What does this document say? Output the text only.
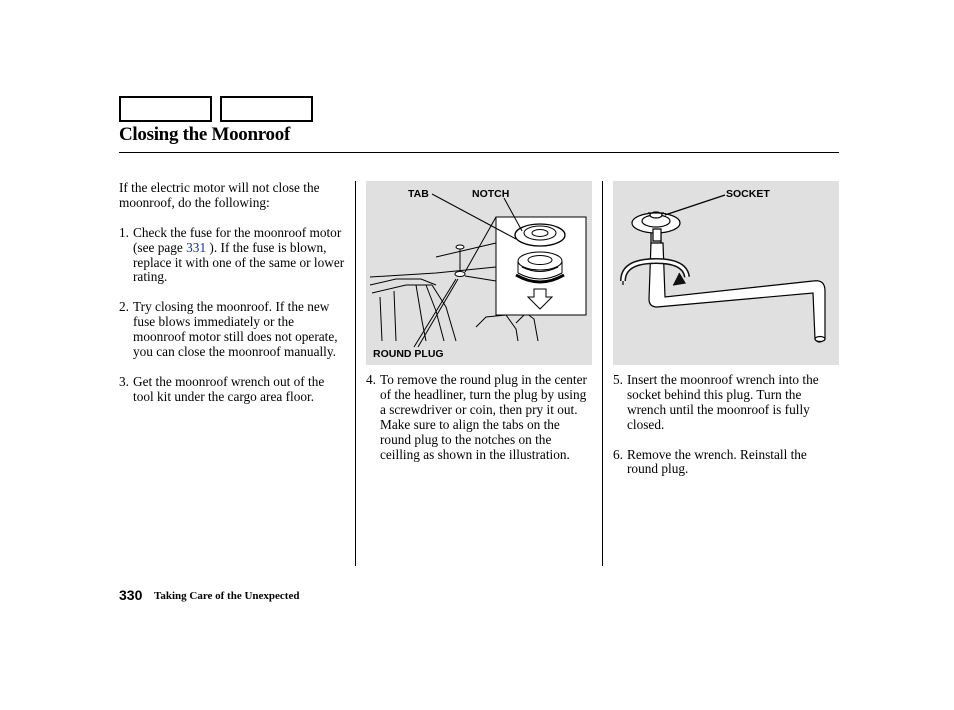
Closing the Moonroof

If the electric motor will not close the moonroof, do the following:

1. Check the fuse for the moonroof motor (see page 331 ). If the fuse is blown, replace it with one of the same or lower rating.
2. Try closing the moonroof. If the new fuse blows immediately or the moonroof motor still does not operate, you can close the moonroof manually.
3. Get the moonroof wrench out of the tool kit under the cargo area floor.
TAB	NOTCH
ROUND PLUG
4. To remove the round plug in the center of the headliner, turn the plug by using a screwdriver or coin, then pry it out. Make sure to align the tabs on the round plug to the notches on the ceilling as shown in the illustration.
SOCKET
5. Insert the moonroof wrench into the socket behind this plug. Turn the wrench until the moonroof is fully closed.
6. Remove the wrench. Reinstall the round plug.
330 Taking Care of the Unexpected
